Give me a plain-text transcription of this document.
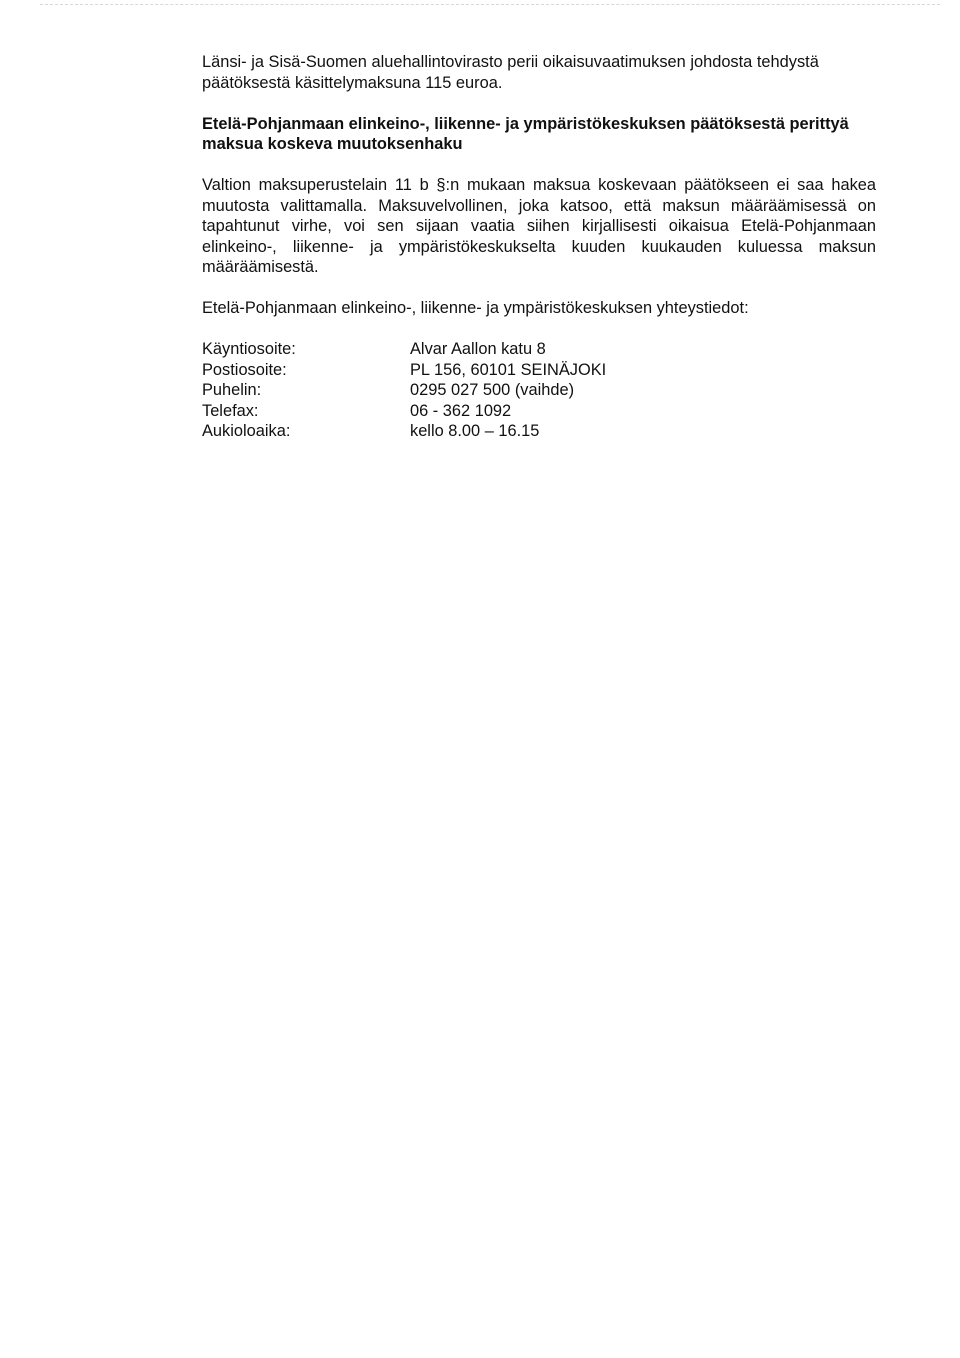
Länsi- ja Sisä-Suomen aluehallintovirasto perii oikaisuvaatimuksen johdosta tehdystä päätöksestä käsittelymaksuna 115 euroa.

Etelä-Pohjanmaan elinkeino-, liikenne- ja ympäristökeskuksen päätöksestä perittyä maksua koskeva muutoksenhaku

Valtion maksuperustelain 11 b §:n mukaan maksua koskevaan päätökseen ei saa hakea muutosta valittamalla. Maksuvelvollinen, joka katsoo, että maksun määräämisessä on tapahtunut virhe, voi sen sijaan vaatia siihen kirjallisesti oikaisua Etelä-Pohjanmaan elinkeino-, liikenne- ja ympäristökeskukselta kuuden kuukauden kuluessa maksun määräämisestä.

Etelä-Pohjanmaan elinkeino-, liikenne- ja ympäristökeskuksen yhteystiedot:

Käyntiosoite:	Alvar Aallon katu 8
Postiosoite:	PL 156, 60101 SEINÄJOKI
Puhelin:	0295 027 500 (vaihde)
Telefax:	06 - 362 1092
Aukioloaika:	kello 8.00 – 16.15
